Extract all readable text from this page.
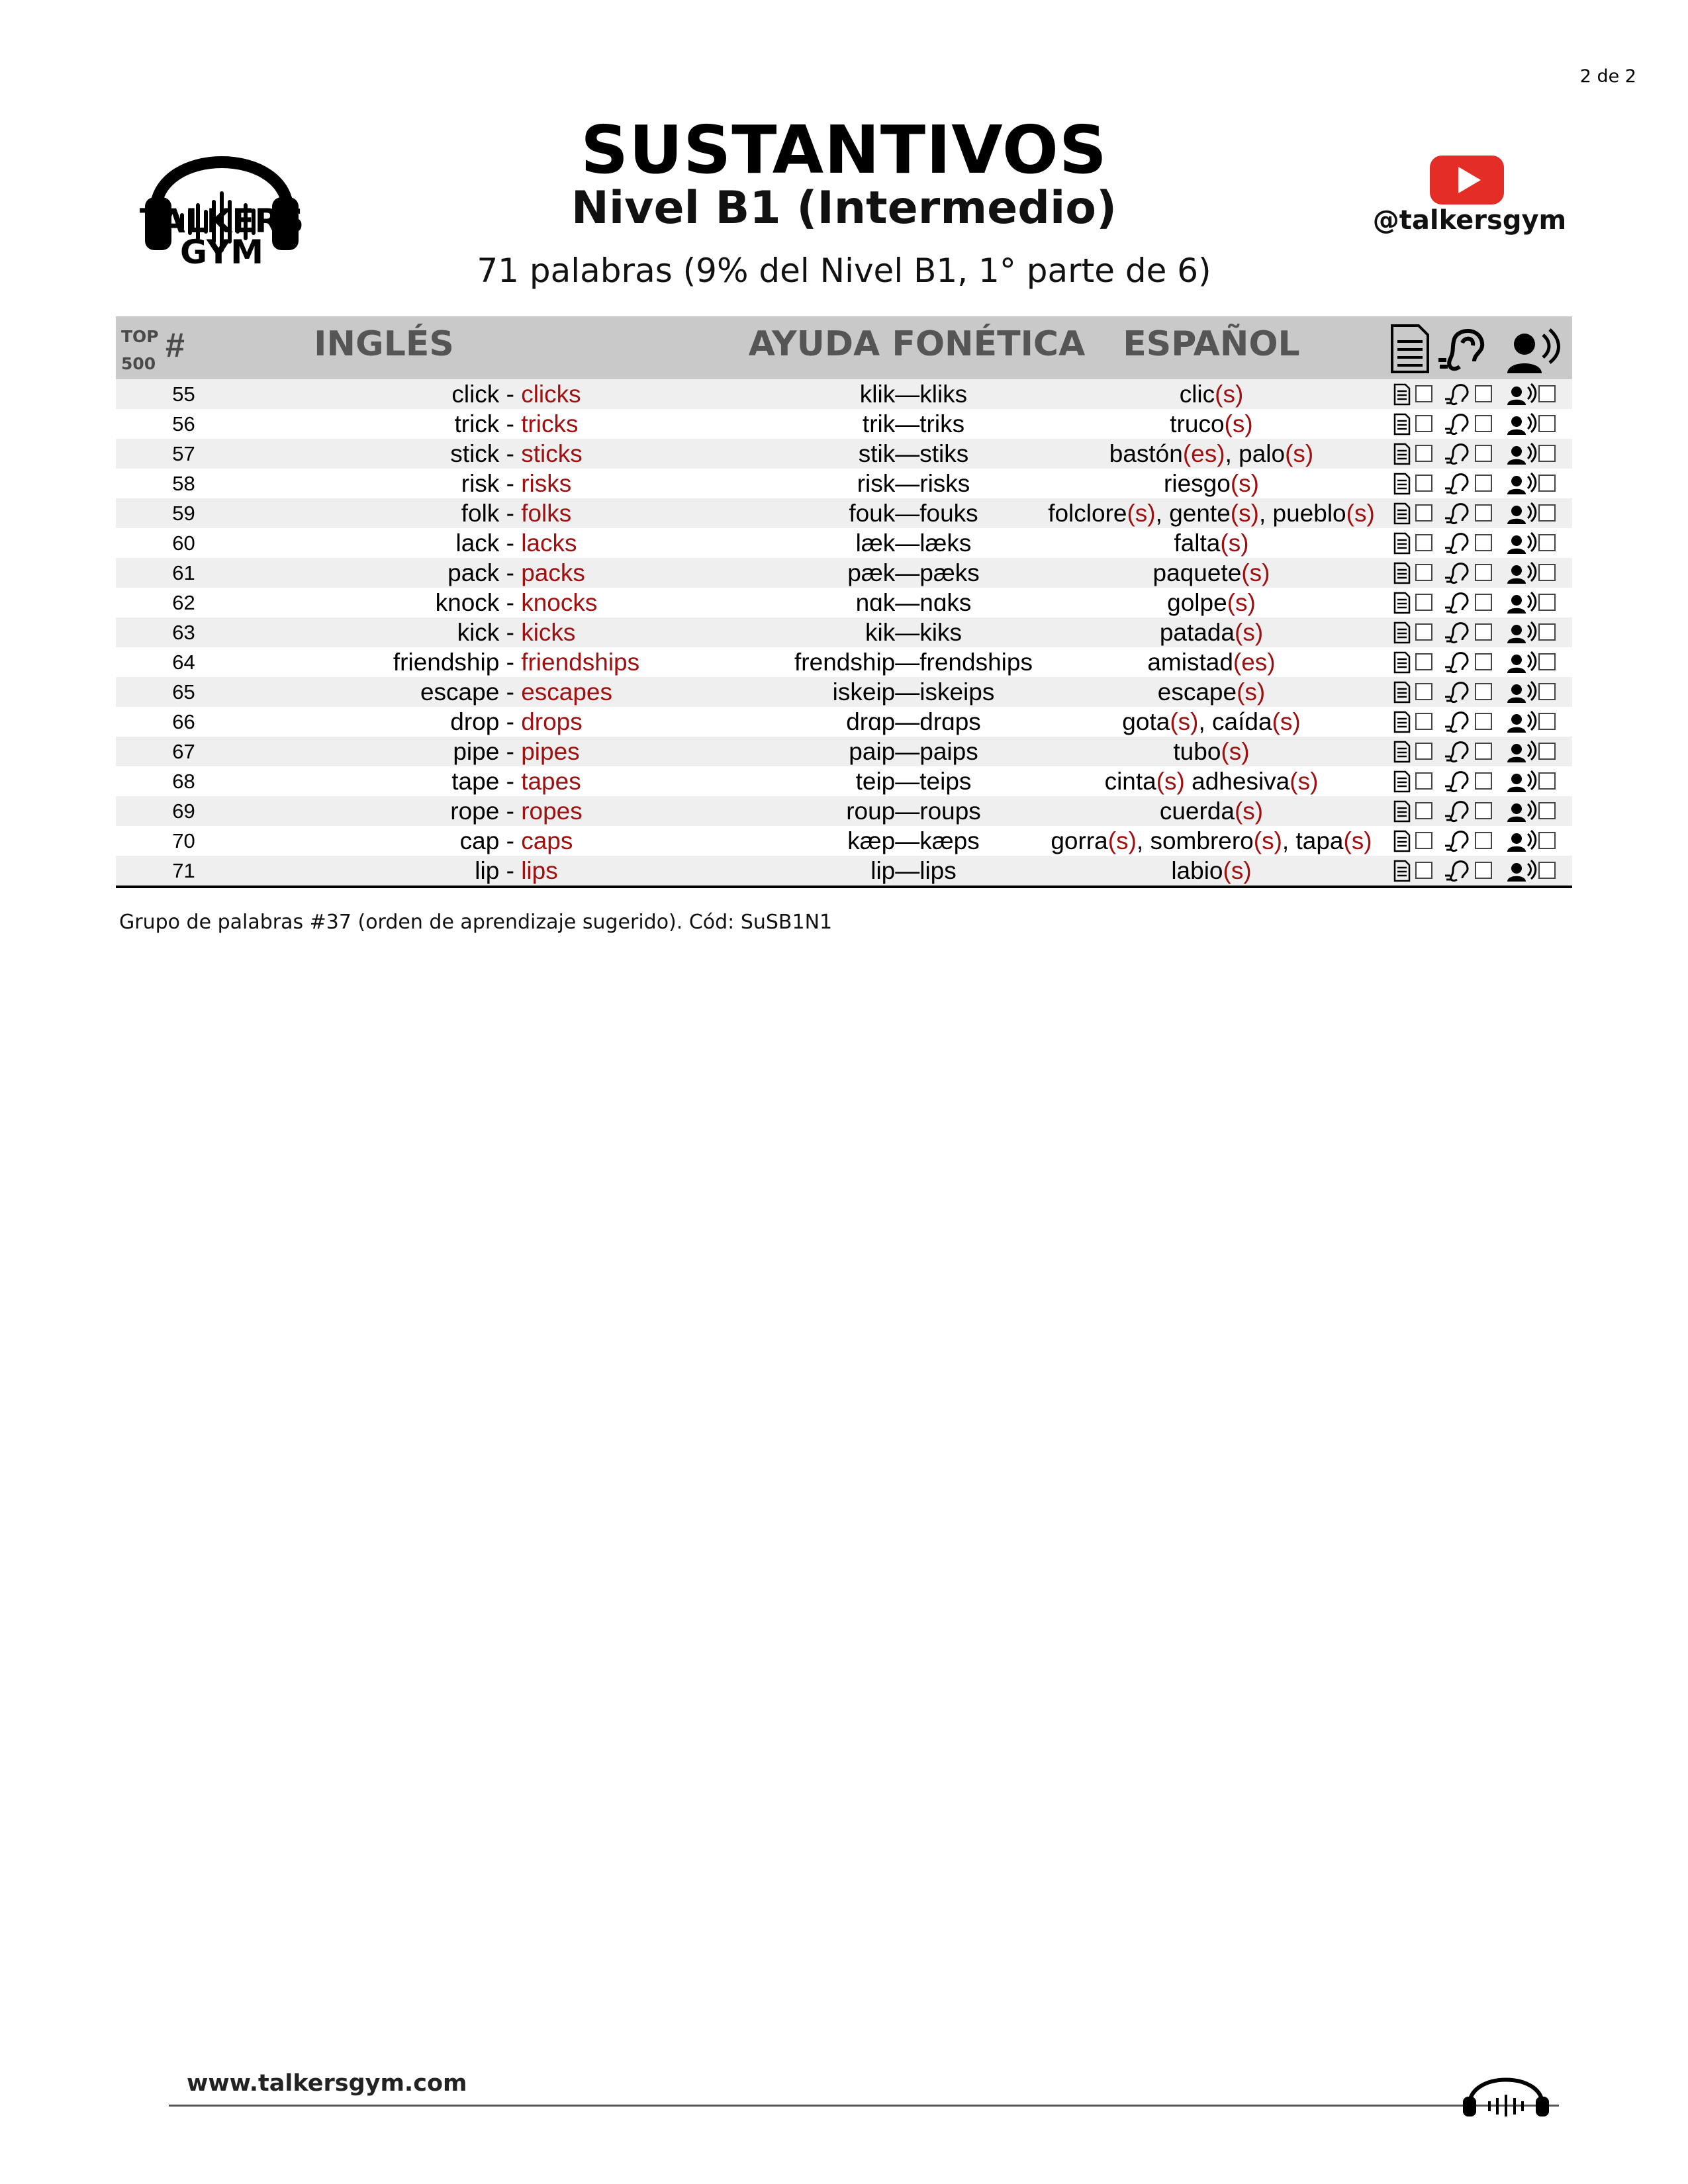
2 de 2
TALKERS
GYM
SUSTANTIVOS
Nivel B1 (Intermedio)
71 palabras (9% del Nivel B1, 1° parte de 6)
@talkersgym
TOP
500 #	INGLÉS	AYUDA FONÉTICA	ESPAÑOL
55	click - clicks	klik—kliks	clic(s)
56	trick - tricks	trik—triks	truco(s)
57	stick - sticks	stik—stiks	bastón(es), palo(s)
58	risk - risks	risk—risks	riesgo(s)
59	folk - folks	fouk—fouks	folclore(s), gente(s), pueblo(s)
60	lack - lacks	læk—læks	falta(s)
61	pack - packs	pæk—pæks	paquete(s)
62	knock - knocks	nɑk—nɑks	golpe(s)
63	kick - kicks	kik—kiks	patada(s)
64	friendship - friendships	frendship—frendships	amistad(es)
65	escape - escapes	iskeip—iskeips	escape(s)
66	drop - drops	drɑp—drɑps	gota(s), caída(s)
67	pipe - pipes	paip—paips	tubo(s)
68	tape - tapes	teip—teips	cinta(s) adhesiva(s)
69	rope - ropes	roup—roups	cuerda(s)
70	cap - caps	kæp—kæps	gorra(s), sombrero(s), tapa(s)
71	lip - lips	lip—lips	labio(s)
Grupo de palabras #37 (orden de aprendizaje sugerido). Cód: SuSB1N1
www.talkersgym.com
